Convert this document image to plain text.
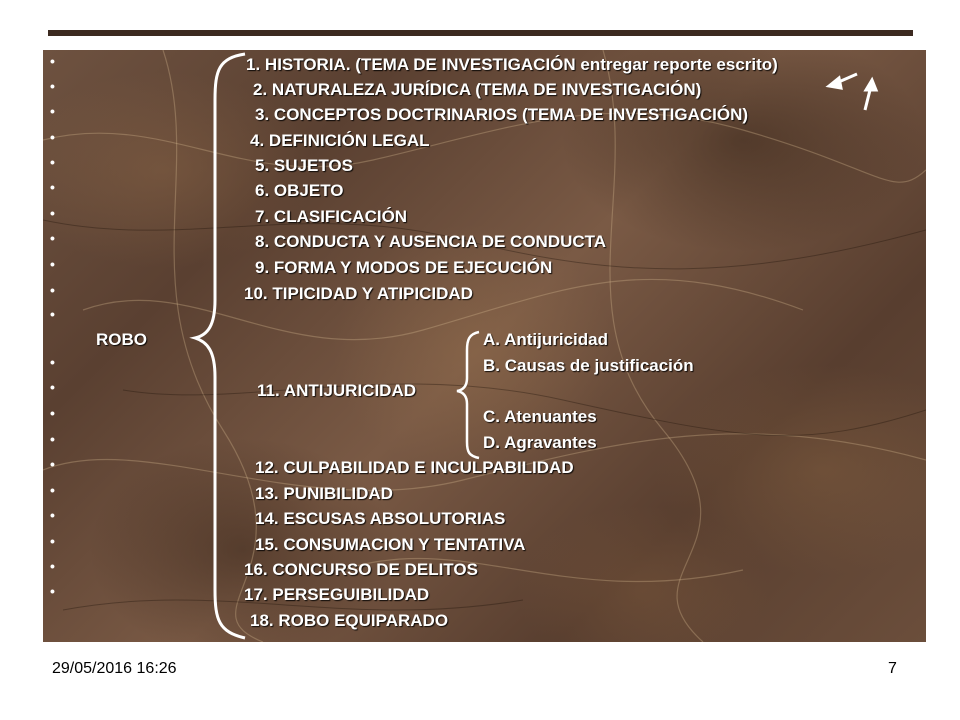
•
•
•
•
•
•
•
•
•
•
•
•
•
•
•
•
•
•
•
•
•
1. HISTORIA. (TEMA DE INVESTIGACIÓN entregar reporte escrito)
2. NATURALEZA JURÍDICA (TEMA DE INVESTIGACIÓN)
3. CONCEPTOS DOCTRINARIOS (TEMA DE INVESTIGACIÓN)
4. DEFINICIÓN LEGAL
5. SUJETOS
6. OBJETO
7. CLASIFICACIÓN
8. CONDUCTA Y AUSENCIA DE CONDUCTA
9. FORMA Y MODOS DE EJECUCIÓN
10. TIPICIDAD Y ATIPICIDAD
ROBO	A. Antijuricidad
B. Causas de justificación
11. ANTIJURICIDAD
C. Atenuantes
D. Agravantes
12. CULPABILIDAD E INCULPABILIDAD
13. PUNIBILIDAD
14. ESCUSAS ABSOLUTORIAS
15. CONSUMACION Y TENTATIVA
16. CONCURSO DE DELITOS
17. PERSEGUIBILIDAD
18. ROBO EQUIPARADO
29/05/2016 16:26	7
